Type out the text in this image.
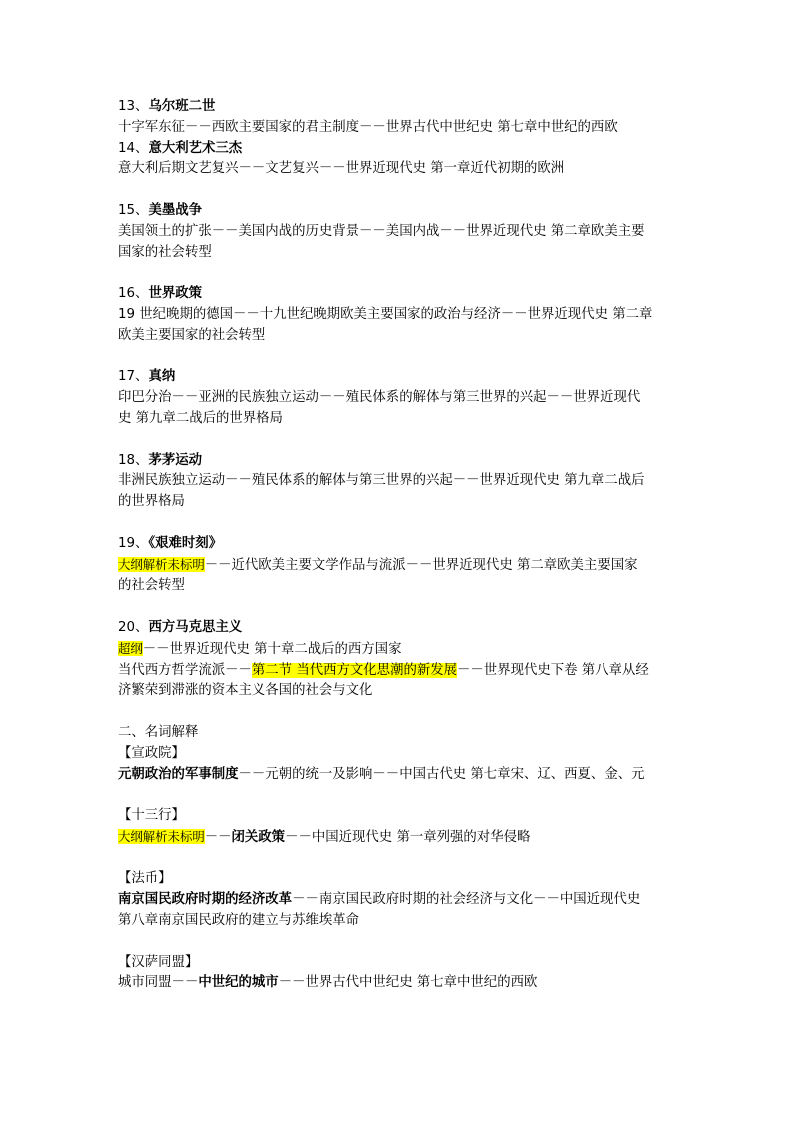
13、乌尔班二世
十字军东征－－西欧主要国家的君主制度－－世界古代中世纪史 第七章中世纪的西欧
14、意大利艺术三杰
意大利后期文艺复兴－－文艺复兴－－世界近现代史 第一章近代初期的欧洲
15、美墨战争
美国领土的扩张－－美国内战的历史背景－－美国内战－－世界近现代史 第二章欧美主要
国家的社会转型
16、世界政策
19 世纪晚期的德国－－十九世纪晚期欧美主要国家的政治与经济－－世界近现代史 第二章
欧美主要国家的社会转型
17、真纳
印巴分治－－亚洲的民族独立运动－－殖民体系的解体与第三世界的兴起－－世界近现代
史 第九章二战后的世界格局
18、茅茅运动
非洲民族独立运动－－殖民体系的解体与第三世界的兴起－－世界近现代史 第九章二战后
的世界格局
19、《艰难时刻》
大纲解析未标明－－近代欧美主要文学作品与流派－－世界近现代史 第二章欧美主要国家
的社会转型
20、西方马克思主义
超纲－－世界近现代史 第十章二战后的西方国家
当代西方哲学流派－－第二节 当代西方文化思潮的新发展－－世界现代史下卷 第八章从经
济繁荣到滞涨的资本主义各国的社会与文化
二、名词解释
【宣政院】
元朝政治的军事制度－－元朝的统一及影响－－中国古代史 第七章宋、辽、西夏、金、元
【十三行】
大纲解析未标明－－闭关政策－－中国近现代史 第一章列强的对华侵略
【法币】
南京国民政府时期的经济改革－－南京国民政府时期的社会经济与文化－－中国近现代史
第八章南京国民政府的建立与苏维埃革命
【汉萨同盟】
城市同盟－－中世纪的城市－－世界古代中世纪史 第七章中世纪的西欧
